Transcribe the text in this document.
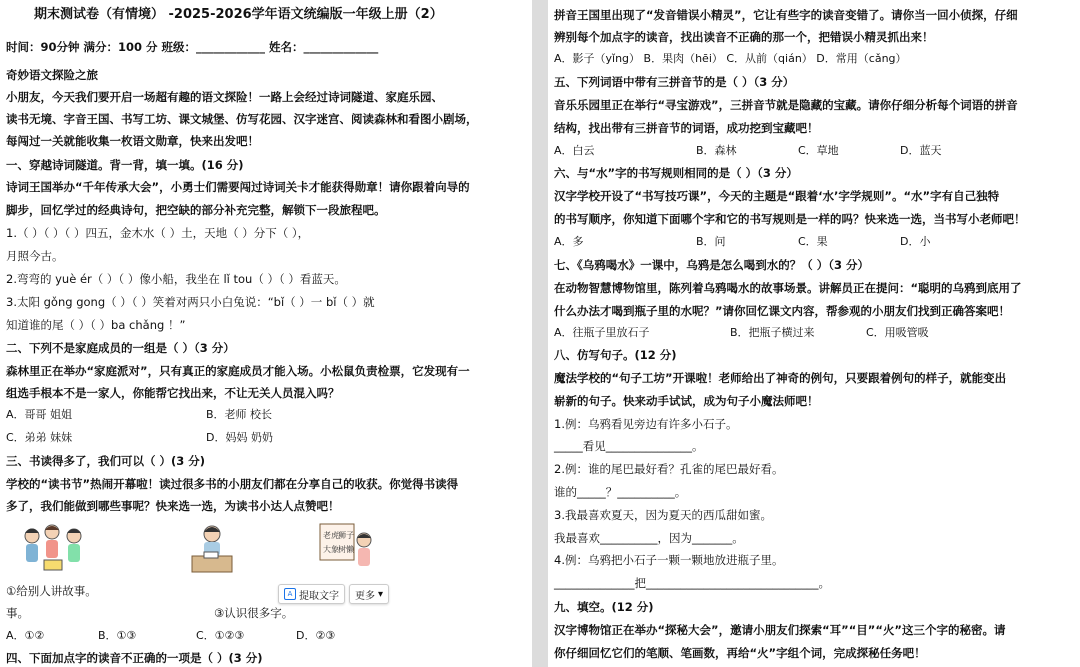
期末测试卷（有情境） -2025-2026学年语文统编版一年级上册（2）
时间：90分钟 满分：100 分 班级：____________ 姓名：_____________
奇妙语文探险之旅
小朋友，今天我们要开启一场超有趣的语文探险！一路上会经过诗词隧道、家庭乐园、
读书无境、字音王国、书写工坊、课文城堡、仿写花园、汉字迷宫、阅读森林和看图小剧场，
每闯过一关就能收集一枚语文勋章，快来出发吧！
一、穿越诗词隧道。背一背，填一填。(16 分)
诗词王国举办“千年传承大会”，小勇士们需要闯过诗词关卡才能获得勋章！请你跟着向导的
脚步，回忆学过的经典诗句，把空缺的部分补充完整，解锁下一段旅程吧。
1.（ ）（ ）（ ）四五，金木水（ ）土，天地（ ）分下（ ），
月照今古。
2.弯弯的 yuè ér（ ）（ ）像小船，我坐在 lǐ tou（ ）（ ）看蓝天。
3.太阳 gǒng gong（ ）（ ）笑着对两只小白兔说：“bǐ（ ）一 bǐ（ ）就
知道谁的尾（ ）（ ）ba chǎng ！”
二、下列不是家庭成员的一组是（ ）（3 分）
森林里正在举办“家庭派对”，只有真正的家庭成员才能入场。小松鼠负责检票，它发现有一
组选手根本不是一家人，你能帮它找出来，不让无关人员混入吗？
A．哥哥 姐姐	B．老师 校长
C．弟弟 妹妹	D．妈妈 奶奶
三、书读得多了，我们可以（ ）(3 分)
学校的“读书节”热闹开幕啦！读过很多书的小朋友们都在分享自己的收获。你觉得书读得
多了，我们能做到哪些事呢？快来选一选，为读书小达人点赞吧！
老虎 狮子
大象 树懒
①给别人讲故事。
事。	③认识很多字。
A．①②	B．①③	C．①②③	D．②③
四、下面加点字的读音不正确的一项是（ ）(3 分)
A 提取文字 更多 ▾
拼音王国里出现了“发音错误小精灵”，它让有些字的读音变错了。请你当一回小侦探，仔细
辨别每个加点字的读音，找出读音不正确的那一个，把错误小精灵抓出来！
A．影子（yǐng） B．果肉（hēi） C．从前（qián） D．常用（cǎng）
五、下列词语中带有三拼音节的是（ ）（3 分）
音乐乐园里正在举行“寻宝游戏”，三拼音节就是隐藏的宝藏。请你仔细分析每个词语的拼音
结构，找出带有三拼音节的词语，成功挖到宝藏吧！
A．白云	B．森林	C．草地	D．蓝天
六、与“水”字的书写规则相同的是（ ）（3 分）
汉字学校开设了“书写技巧课”，今天的主题是“跟着‘水’字学规则”。“水”字有自己独特
的书写顺序，你知道下面哪个字和它的书写规则是一样的吗？快来选一选，当书写小老师吧！
A．多	B．问	C．果	D．小
七、《乌鸦喝水》一课中，乌鸦是怎么喝到水的？（ ）（3 分）
在动物智慧博物馆里，陈列着乌鸦喝水的故事场景。讲解员正在提问：“聪明的乌鸦到底用了
什么办法才喝到瓶子里的水呢？”请你回忆课文内容，帮参观的小朋友们找到正确答案吧！
A．往瓶子里放石子	B．把瓶子横过来	C．用吸管吸
八、仿写句子。(12 分)
魔法学校的“句子工坊”开课啦！老师给出了神奇的例句，只要跟着例句的样子，就能变出
崭新的句子。快来动手试试，成为句子小魔法师吧！
1.例：乌鸦看见旁边有许多小石子。
_____看见_______________。
2.例：谁的尾巴最好看？孔雀的尾巴最好看。
谁的_____？__________。
3.我最喜欢夏天，因为夏天的西瓜甜如蜜。
我最喜欢__________，因为_______。
4.例：乌鸦把小石子一颗一颗地放进瓶子里。
______________把______________________________。
九、填空。(12 分)
汉字博物馆正在举办“探秘大会”，邀请小朋友们探索“耳”“目”“火”这三个字的秘密。请
你仔细回忆它们的笔顺、笔画数，再给“火”字组个词，完成探秘任务吧！
